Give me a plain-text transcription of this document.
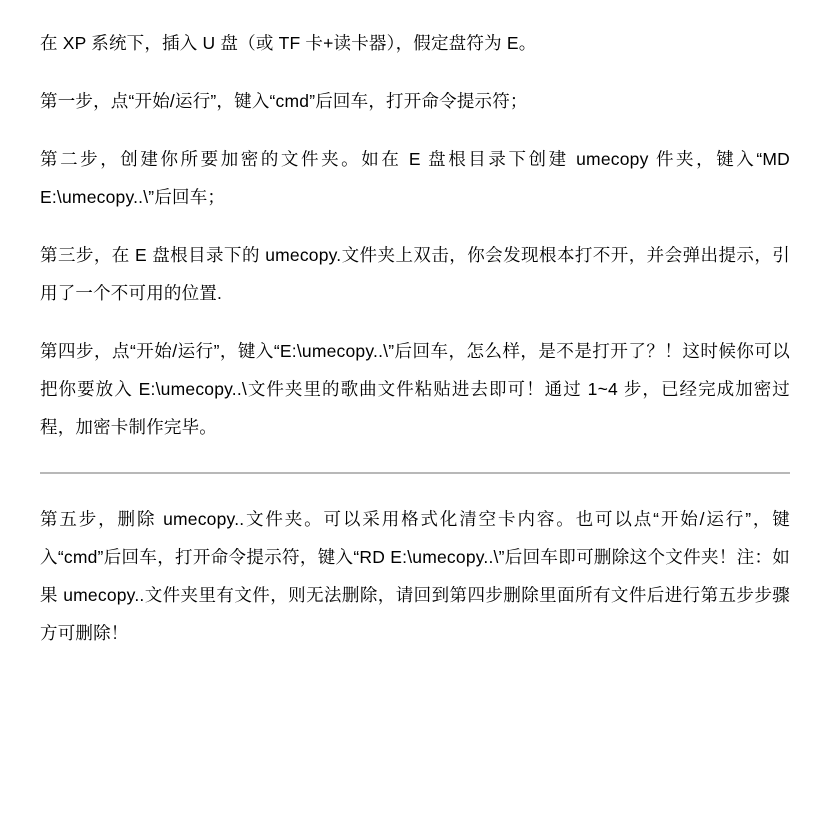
在 XP 系统下，插入 U 盘（或 TF 卡+读卡器），假定盘符为 E。

第一步，点“开始/运行”，键入“cmd”后回车，打开命令提示符；

第二步，创建你所要加密的文件夹。如在 E 盘根目录下创建 umecopy 件夹，键入“MD E:\umecopy..\”后回车；

第三步，在 E 盘根目录下的 umecopy.文件夹上双击，你会发现根本打不开，并会弹出提示，引用了一个不可用的位置.

第四步，点“开始/运行”，键入“E:\umecopy..\”后回车，怎么样，是不是打开了？！这时候你可以把你要放入 E:\umecopy..\文件夹里的歌曲文件粘贴进去即可！通过 1~4 步，已经完成加密过程，加密卡制作完毕。

第五步，删除 umecopy..文件夹。可以采用格式化清空卡内容。也可以点“开始/运行”，键入“cmd”后回车，打开命令提示符，键入“RD E:\umecopy..\”后回车即可删除这个文件夹！注：如果 umecopy..文件夹里有文件，则无法删除，请回到第四步删除里面所有文件后进行第五步步骤方可删除！
